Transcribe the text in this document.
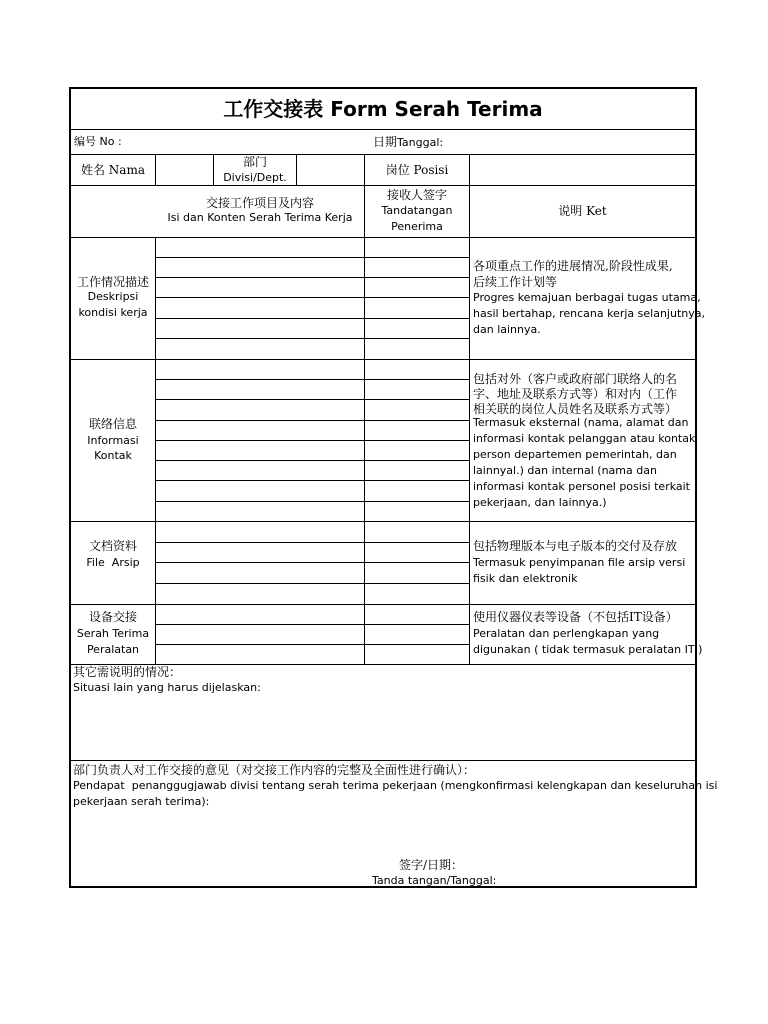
工作交接表 Form Serah Terima
编号 No :	日期Tanggal:
姓名 Nama
部门
Divisi/Dept.
岗位 Posisi
交接工作项目及内容
Isi dan Konten Serah Terima Kerja
接收人签字
Tandatangan
Penerima
说明 Ket
工作情况描述
Deskripsi
kondisi kerja
各项重点工作的进展情况,阶段性成果,
后续工作计划等
Progres kemajuan berbagai tugas utama,
hasil bertahap, rencana kerja selanjutnya,
dan lainnya.
联络信息
Informasi
Kontak
包括对外（客户或政府部门联络人的名
字、地址及联系方式等）和对内（工作
相关联的岗位人员姓名及联系方式等）
Termasuk eksternal (nama, alamat dan
informasi kontak pelanggan atau kontak
person departemen pemerintah, dan
lainnyal.) dan internal (nama dan
informasi kontak personel posisi terkait
pekerjaan, dan lainnya.)
文档资料
File  Arsip
包括物理版本与电子版本的交付及存放
Termasuk penyimpanan file arsip versi
fisik dan elektronik
设备交接
Serah Terima
Peralatan
使用仪器仪表等设备（不包括IT设备）
Peralatan dan perlengkapan yang
digunakan ( tidak termasuk peralatan IT )
其它需说明的情况：
Situasi lain yang harus dijelaskan:
部门负责人对工作交接的意见（对交接工作内容的完整及全面性进行确认）：
Pendapat  penanggugjawab divisi tentang serah terima pekerjaan (mengkonfirmasi kelengkapan dan keseluruhan isi
pekerjaan serah terima):
签字/日期：
Tanda tangan/Tanggal:
